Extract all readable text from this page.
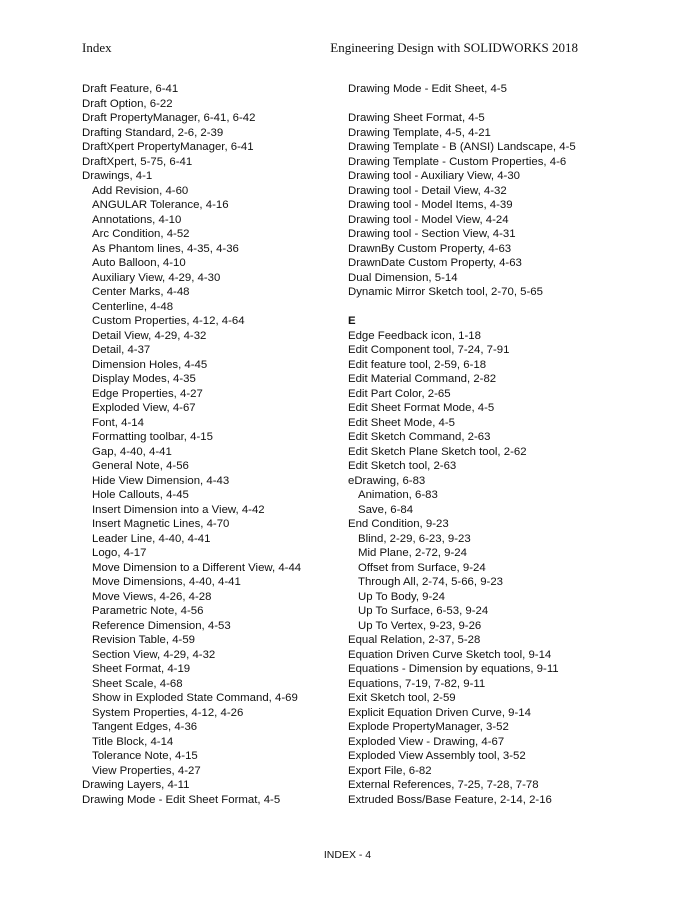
Index	Engineering Design with SOLIDWORKS 2018
Draft Feature, 6-41
Draft Option, 6-22
Draft PropertyManager, 6-41, 6-42
Drafting Standard, 2-6, 2-39
DraftXpert PropertyManager, 6-41
DraftXpert, 5-75, 6-41
Drawings, 4-1
Add Revision, 4-60
ANGULAR Tolerance, 4-16
Annotations, 4-10
Arc Condition, 4-52
As Phantom lines, 4-35, 4-36
Auto Balloon, 4-10
Auxiliary View, 4-29, 4-30
Center Marks, 4-48
Centerline, 4-48
Custom Properties, 4-12, 4-64
Detail View, 4-29, 4-32
Detail, 4-37
Dimension Holes, 4-45
Display Modes, 4-35
Edge Properties, 4-27
Exploded View, 4-67
Font, 4-14
Formatting toolbar, 4-15
Gap, 4-40, 4-41
General Note, 4-56
Hide View Dimension, 4-43
Hole Callouts, 4-45
Insert Dimension into a View, 4-42
Insert Magnetic Lines, 4-70
Leader Line, 4-40, 4-41
Logo, 4-17
Move Dimension to a Different View, 4-44
Move Dimensions, 4-40, 4-41
Move Views, 4-26, 4-28
Parametric Note, 4-56
Reference Dimension, 4-53
Revision Table, 4-59
Section View, 4-29, 4-32
Sheet Format, 4-19
Sheet Scale, 4-68
Show in Exploded State Command, 4-69
System Properties, 4-12, 4-26
Tangent Edges, 4-36
Title Block, 4-14
Tolerance Note, 4-15
View Properties, 4-27
Drawing Layers, 4-11
Drawing Mode - Edit Sheet Format, 4-5
Drawing Mode - Edit Sheet, 4-5
Drawing Sheet Format, 4-5
Drawing Template, 4-5, 4-21
Drawing Template - B (ANSI) Landscape, 4-5
Drawing Template - Custom Properties, 4-6
Drawing tool - Auxiliary View, 4-30
Drawing tool - Detail View, 4-32
Drawing tool - Model Items, 4-39
Drawing tool - Model View, 4-24
Drawing tool - Section View, 4-31
DrawnBy Custom Property, 4-63
DrawnDate Custom Property, 4-63
Dual Dimension, 5-14
Dynamic Mirror Sketch tool, 2-70, 5-65
E
Edge Feedback icon, 1-18
Edit Component tool, 7-24, 7-91
Edit feature tool, 2-59, 6-18
Edit Material Command, 2-82
Edit Part Color, 2-65
Edit Sheet Format Mode, 4-5
Edit Sheet Mode, 4-5
Edit Sketch Command, 2-63
Edit Sketch Plane Sketch tool, 2-62
Edit Sketch tool, 2-63
eDrawing, 6-83
Animation, 6-83
Save, 6-84
End Condition, 9-23
Blind, 2-29, 6-23, 9-23
Mid Plane, 2-72, 9-24
Offset from Surface, 9-24
Through All, 2-74, 5-66, 9-23
Up To Body, 9-24
Up To Surface, 6-53, 9-24
Up To Vertex, 9-23, 9-26
Equal Relation, 2-37, 5-28
Equation Driven Curve Sketch tool, 9-14
Equations - Dimension by equations, 9-11
Equations, 7-19, 7-82, 9-11
Exit Sketch tool, 2-59
Explicit Equation Driven Curve, 9-14
Explode PropertyManager, 3-52
Exploded View - Drawing, 4-67
Exploded View Assembly tool, 3-52
Export File, 6-82
External References, 7-25, 7-28, 7-78
Extruded Boss/Base Feature, 2-14, 2-16
INDEX - 4
